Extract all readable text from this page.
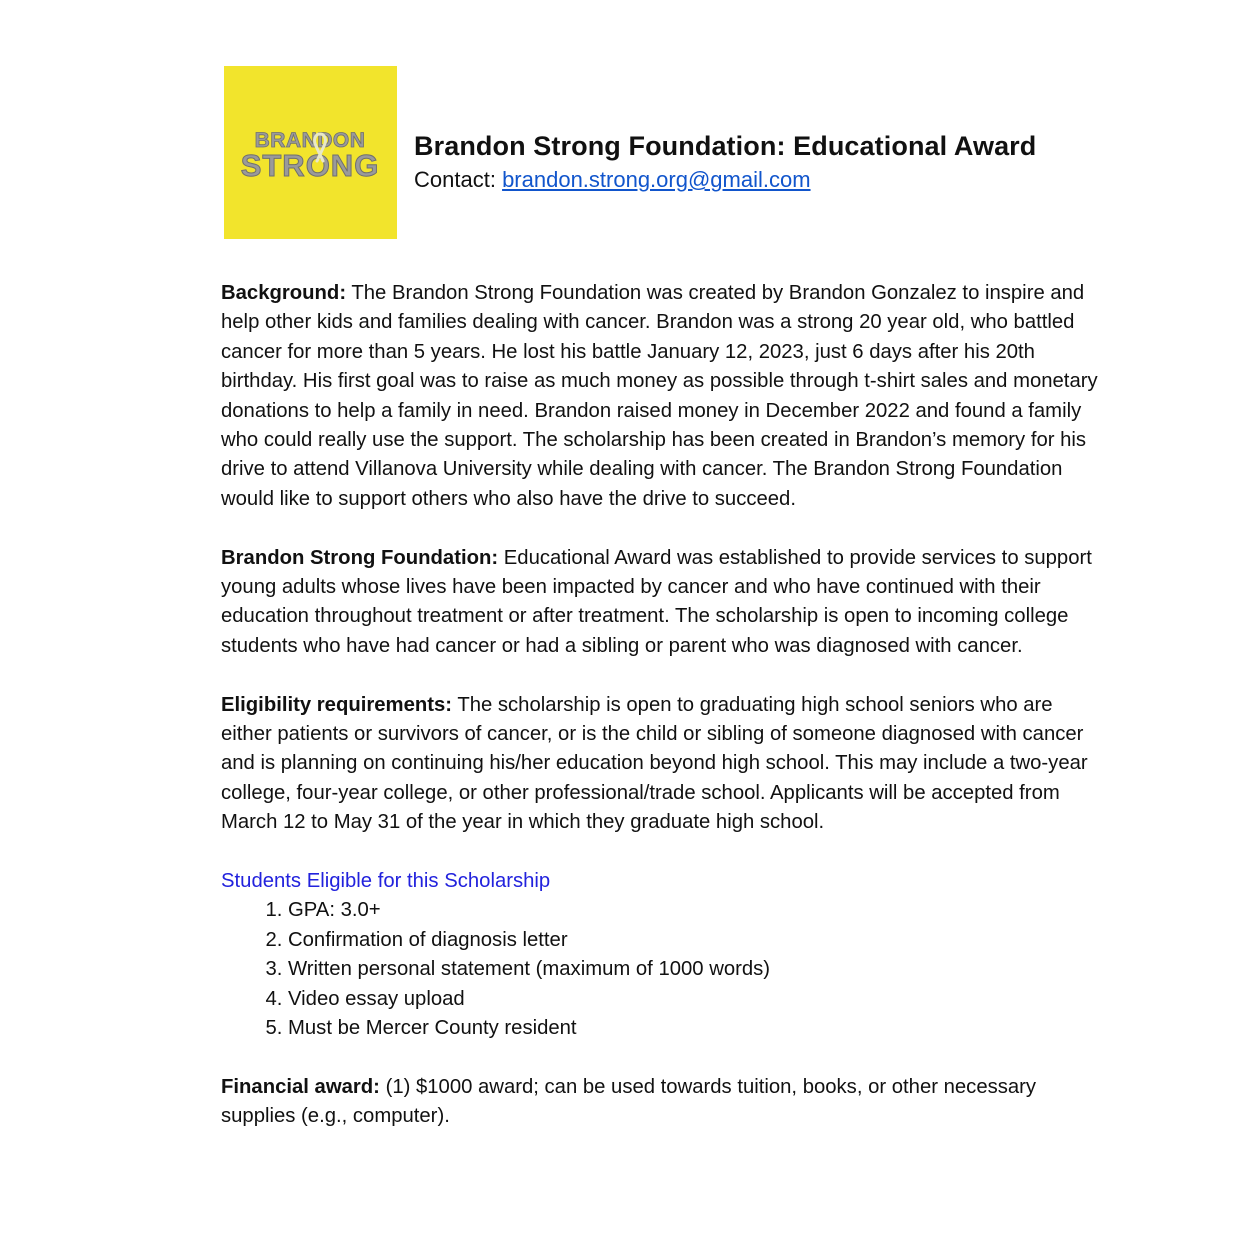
BRANDON
STRONG
Brandon Strong Foundation: Educational Award
Contact: brandon.strong.org@gmail.com

Background: The Brandon Strong Foundation was created by Brandon Gonzalez to inspire and help other kids and families dealing with cancer. Brandon was a strong 20 year old, who battled cancer for more than 5 years. He lost his battle January 12, 2023, just 6 days after his 20th birthday. His first goal was to raise as much money as possible through t-shirt sales and monetary donations to help a family in need. Brandon raised money in December 2022 and found a family who could really use the support. The scholarship has been created in Brandon’s memory for his drive to attend Villanova University while dealing with cancer. The Brandon Strong Foundation would like to support others who also have the drive to succeed.

Brandon Strong Foundation: Educational Award was established to provide services to support young adults whose lives have been impacted by cancer and who have continued with their education throughout treatment or after treatment. The scholarship is open to incoming college students who have had cancer or had a sibling or parent who was diagnosed with cancer.

Eligibility requirements: The scholarship is open to graduating high school seniors who are either patients or survivors of cancer, or is the child or sibling of someone diagnosed with cancer and is planning on continuing his/her education beyond high school. This may include a two-year college, four-year college, or other professional/trade school. Applicants will be accepted from March 12 to May 31 of the year in which they graduate high school.

Students Eligible for this Scholarship

1. GPA: 3.0+
2. Confirmation of diagnosis letter
3. Written personal statement (maximum of 1000 words)
4. Video essay upload
5. Must be Mercer County resident

Financial award: (1) $1000 award; can be used towards tuition, books, or other necessary supplies (e.g., computer).
